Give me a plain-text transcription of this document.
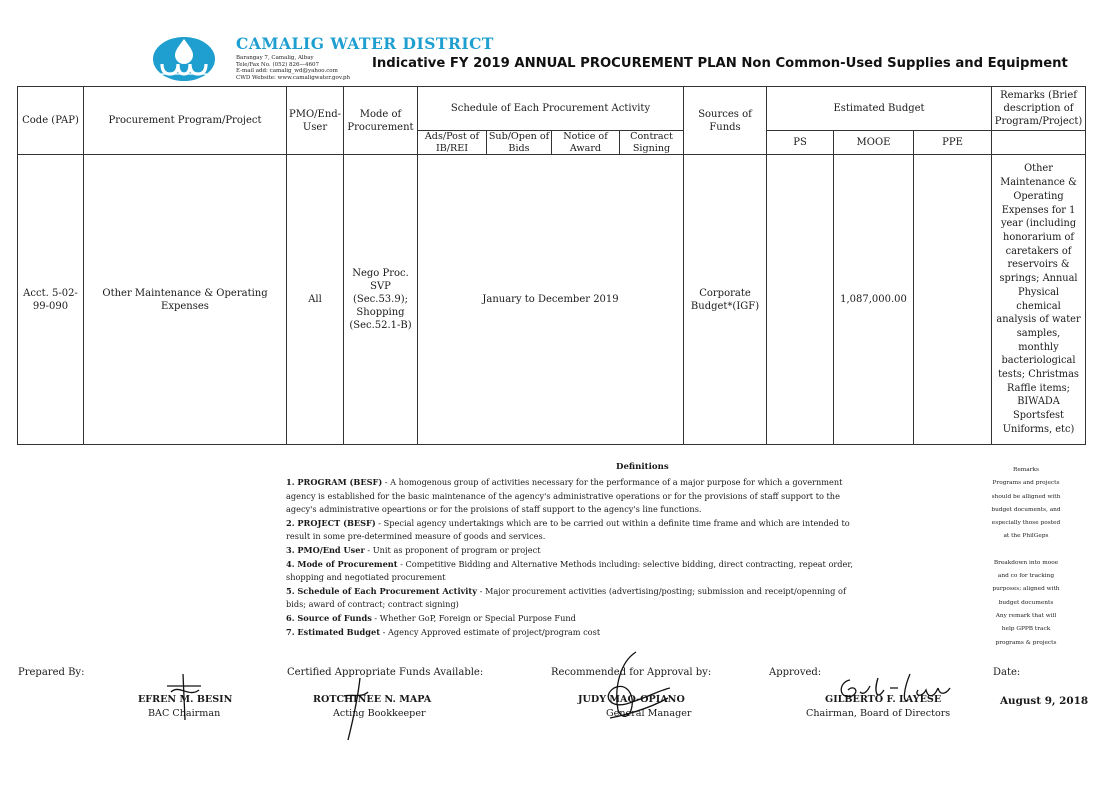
CAMALIG WATER DISTRICT
Barangay 7, Camalig, Albay
Tele/Fax No. (052) 826—4607
E-mail add: camalig_wd@yahoo.com
CWD Website: www.camaligwater.gov.ph
Indicative FY 2019 ANNUAL PROCUREMENT PLAN Non Common-Used Supplies and Equipment
Code (PAP)	Procurement Program/Project	PMO/End-User	Mode of Procurement	Schedule of Each Procurement Activity				Sources of Funds	Estimated Budget			Remarks (Brief description of Program/Project)
				Ads/Post of IB/REI	Sub/Open of Bids	Notice of Award	Contract Signing		PS	MOOE	PPE	
Acct. 5-02-99-090	Other Maintenance & Operating Expenses	All	Nego Proc. SVP (Sec.53.9); Shopping (Sec.52.1-B)	January to December 2019				Corporate Budget*(IGF)		1,087,000.00		Other Maintenance & Operating Expenses for 1 year (including honorarium of caretakers of reservoirs & springs; Annual Physical chemical analysis of water samples, monthly bacteriological tests; Christmas Raffle items; BIWADA Sportsfest Uniforms, etc)
Definitions

1. PROGRAM (BESF) - A homogenous group of activities necessary for the performance of a major purpose for which a government agency is established for the basic maintenance of the agency's administrative operations or for the provisions of staff support to the agecy's administrative opeartions or for the proisions of staff support to the agency's line functions.

2. PROJECT (BESF) - Special agency undertakings which are to be carried out within a definite time frame and which are intended to result in some pre-determined measure of goods and services.

3. PMO/End User - Unit as proponent of program or project

4. Mode of Procurement - Competitive Bidding and Alternative Methods including: selective bidding, direct contracting, repeat order, shopping and negotiated procurement

5. Schedule of Each Procurement Activity - Major procurement activities (advertising/posting; submission and receipt/openning of bids; award of contract; contract signing)

6. Source of Funds - Whether GoP, Foreign or Special Purpose Fund

7. Estimated Budget - Agency Approved estimate of project/program cost

Remarks

Programs and projects

should be alligned with

budget documents, and

especially those posted

at the PhilGeps

Breakdown into mooe

and co for tracking

purposes; aligned with

budget documents

Any remark that will

help GPPB track

programs & projects

Prepared By:
EFREN M. BESIN
BAC Chairman
Certified Appropriate Funds Available:
ROTCHINEE N. MAPA
Acting Bookkeeper
Recommended for Approval by:
JUDY MAO-OPIANO
General Manager
Approved:
GILBERTO F. LAYESE
Chairman, Board of Directors
Date:
August 9, 2018
